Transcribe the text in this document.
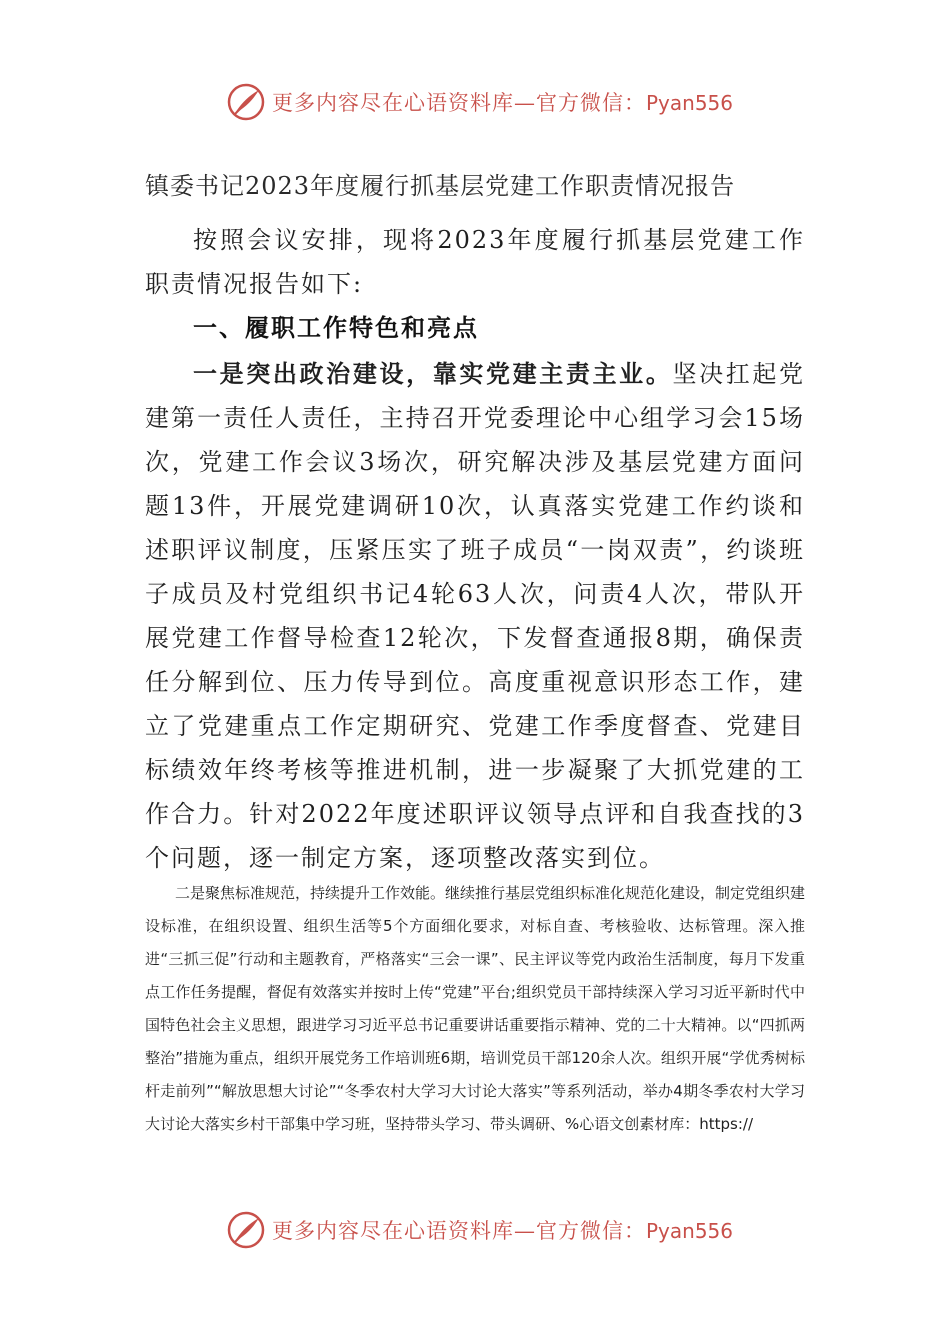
更多内容尽在心语资料库—官方微信：Pyan556
镇委书记2023年度履行抓基层党建工作职责情况报告
按照会议安排，现将2023年度履行抓基层党建工作职责情况报告如下:
一、履职工作特色和亮点
一是突出政治建设，靠实党建主责主业。坚决扛起党建第一责任人责任，主持召开党委理论中心组学习会15场次，党建工作会议3场次，研究解决涉及基层党建方面问题13件，开展党建调研10次，认真落实党建工作约谈和述职评议制度，压紧压实了班子成员“一岗双责”，约谈班子成员及村党组织书记4轮63人次，问责4人次，带队开展党建工作督导检查12轮次，下发督查通报8期，确保责任分解到位、压力传导到位。高度重视意识形态工作，建立了党建重点工作定期研究、党建工作季度督查、党建目标绩效年终考核等推进机制，进一步凝聚了大抓党建的工作合力。针对2022年度述职评议领导点评和自我查找的3个问题，逐一制定方案，逐项整改落实到位。
二是聚焦标准规范，持续提升工作效能。继续推行基层党组织标准化规范化建设，制定党组织建设标准，在组织设置、组织生活等5个方面细化要求，对标自查、考核验收、达标管理。深入推进“三抓三促”行动和主题教育，严格落实“三会一课”、民主评议等党内政治生活制度，每月下发重点工作任务提醒，督促有效落实并按时上传“党建”平台;组织党员干部持续深入学习习近平新时代中国特色社会主义思想，跟进学习习近平总书记重要讲话重要指示精神、党的二十大精神。以“四抓两整治”措施为重点，组织开展党务工作培训班6期，培训党员干部120余人次。组织开展“学优秀树标杆走前列”“解放思想大讨论”“冬季农村大学习大讨论大落实”等系列活动，举办4期冬季农村大学习大讨论大落实乡村干部集中学习班，坚持带头学习、带头调研、%心语文创素材库：https://
更多内容尽在心语资料库—官方微信：Pyan556
